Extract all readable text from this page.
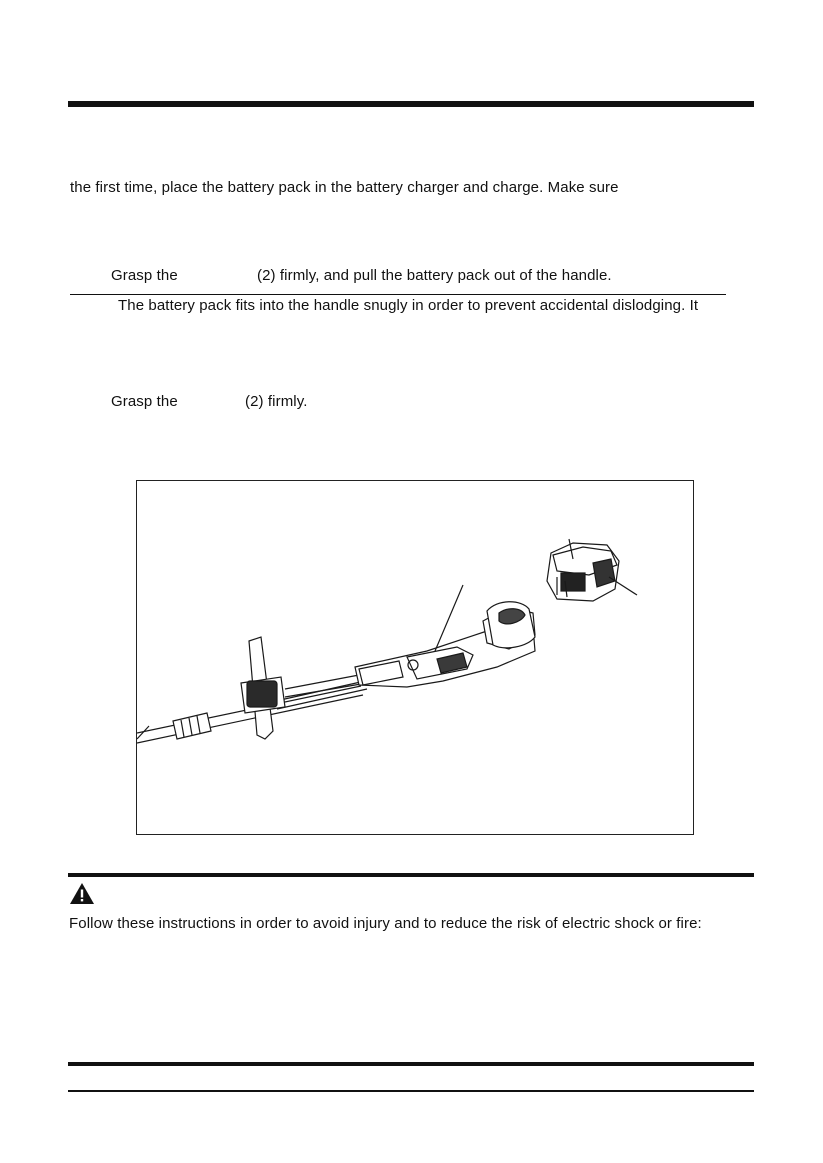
the first time, place the battery pack in the battery charger and charge. Make sure
Grasp the	(2) firmly, and pull the battery pack out of the handle.
The battery pack fits into the handle snugly in order to prevent accidental dislodging. It
Grasp the	(2) firmly.
Follow these instructions in order to avoid injury and to reduce the risk of electric shock or fire:
